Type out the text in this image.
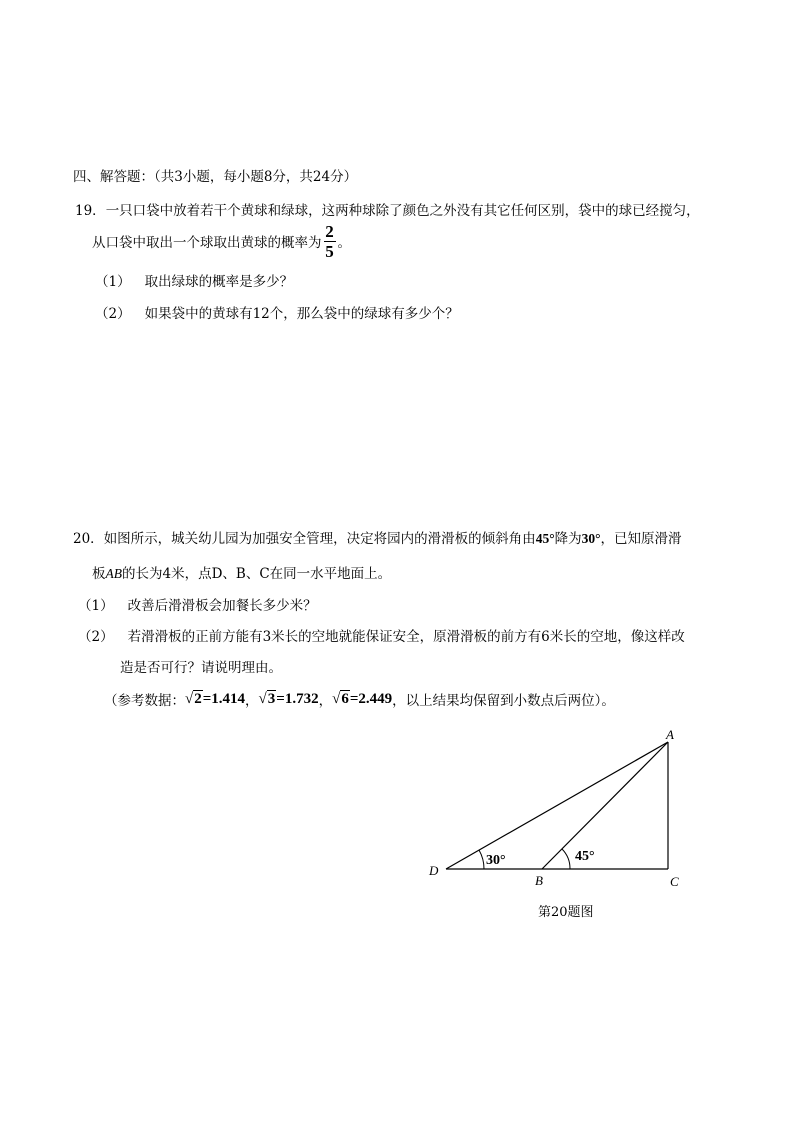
四、解答题：（共3小题，每小题8分，共24分）
19．一只口袋中放着若干个黄球和绿球，这两种球除了颜色之外没有其它任何区别，袋中的球已经搅匀，
从口袋中取出一个球取出黄球的概率为 $\frac{2}{5}$ 。
（1） 取出绿球的概率是多少？
（2） 如果袋中的黄球有12个，那么袋中的绿球有多少个？
20．如图所示，城关幼儿园为加强安全管理，决定将园内的滑滑板的倾斜角由45°降为30°，已知原滑滑
板AB的长为4米，点D、B、C在同一水平地面上。
（1） 改善后滑滑板会加餐长多少米？
（2） 若滑滑板的正前方能有3米长的空地就能保证安全，原滑滑板的前方有6米长的空地，像这样改
造是否可行？请说明理由。
（参考数据： √2 =1.414 ， √3 =1.732 ， √6 =2.449 ，以上结果均保留到小数点后两位）。
30°	45°
A
B	C
D
第20题图
